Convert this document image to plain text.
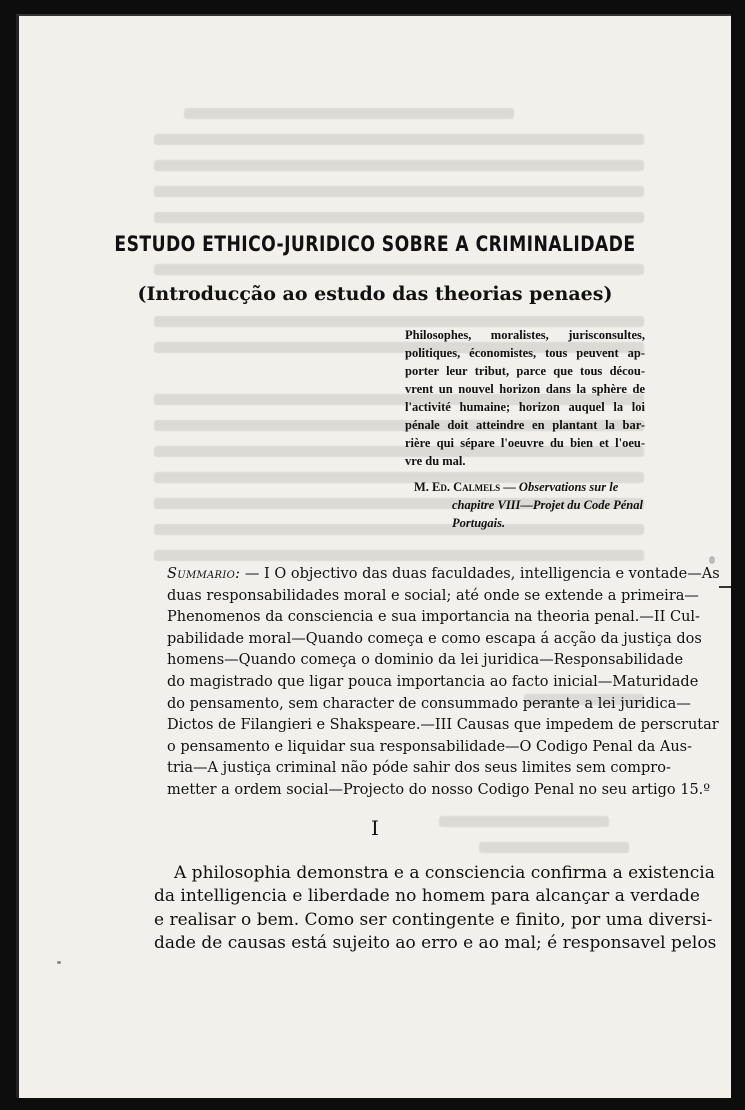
ESTUDO ETHICO-JURIDICO SOBRE A CRIMINALIDADE
(Introducção ao estudo das theorias penaes)
Philosophes, moralistes, jurisconsultes,
politiques, économistes, tous peuvent ap-
porter leur tribut, parce que tous décou-
vrent un nouvel horizon dans la sphère de
l'activité humaine; horizon auquel la loi
pénale doit atteindre en plantant la bar-
rière qui sépare l'oeuvre du bien et l'oeu-
vre du mal.
M. Ed. Calmels — Observations sur le
chapitre VIII—Projet du Code Pénal
Portugais.
Summario: — I O objectivo das duas faculdades, intelligencia e vontade—As
duas responsabilidades moral e social; até onde se extende a primeira—
Phenomenos da consciencia e sua importancia na theoria penal.—II Cul-
pabilidade moral—Quando começa e como escapa á acção da justiça dos
homens—Quando começa o dominio da lei juridica—Responsabilidade
do magistrado que ligar pouca importancia ao facto inicial—Maturidade
do pensamento, sem character de consummado perante a lei juridica—
Dictos de Filangieri e Shakspeare.—III Causas que impedem de perscrutar
o pensamento e liquidar sua responsabilidade—O Codigo Penal da Aus-
tria—A justiça criminal não póde sahir dos seus limites sem compro-
metter a ordem social—Projecto do nosso Codigo Penal no seu artigo 15.º
I
A philosophia demonstra e a consciencia confirma a existencia
da intelligencia e liberdade no homem para alcançar a verdade
e realisar o bem. Como ser contingente e finito, por uma diversi-
dade de causas está sujeito ao erro e ao mal; é responsavel pelos
